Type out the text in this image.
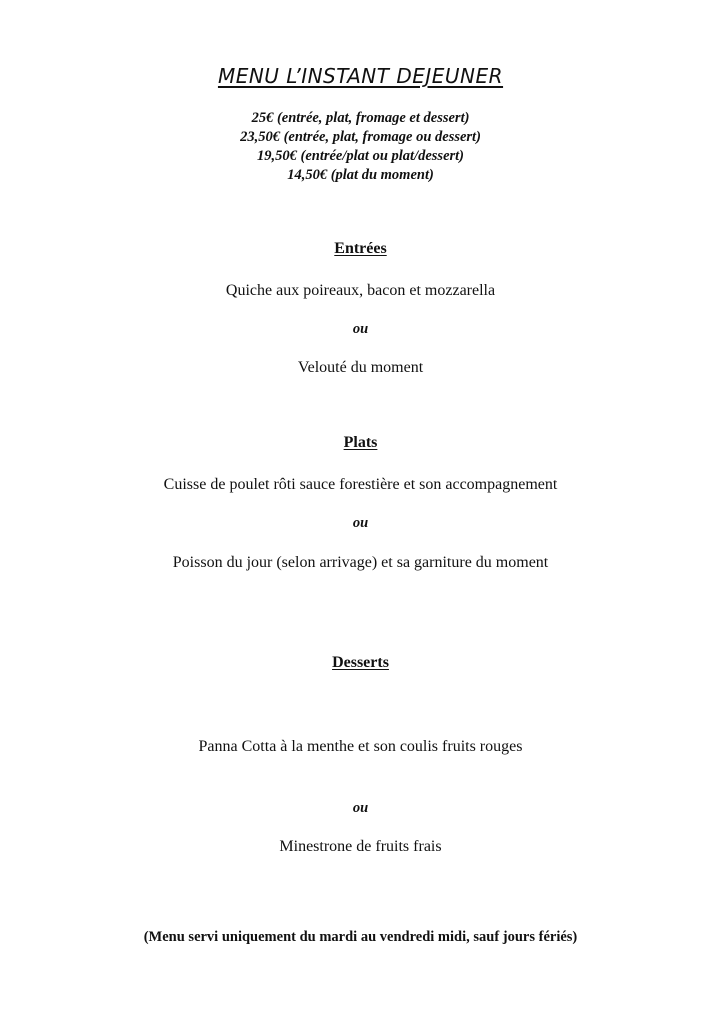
MENU L’INSTANT DEJEUNER
25€ (entrée, plat, fromage et dessert)
23,50€ (entrée, plat, fromage ou dessert)
19,50€ (entrée/plat ou plat/dessert)
14,50€ (plat du moment)
Entrées
Quiche aux poireaux, bacon et mozzarella
ou
Velouté du moment
Plats
Cuisse de poulet rôti sauce forestière et son accompagnement
ou
Poisson du jour (selon arrivage) et sa garniture du moment
Desserts
Panna Cotta à la menthe et son coulis fruits rouges
ou
Minestrone de fruits frais
(Menu servi uniquement du mardi au vendredi midi, sauf jours fériés)
